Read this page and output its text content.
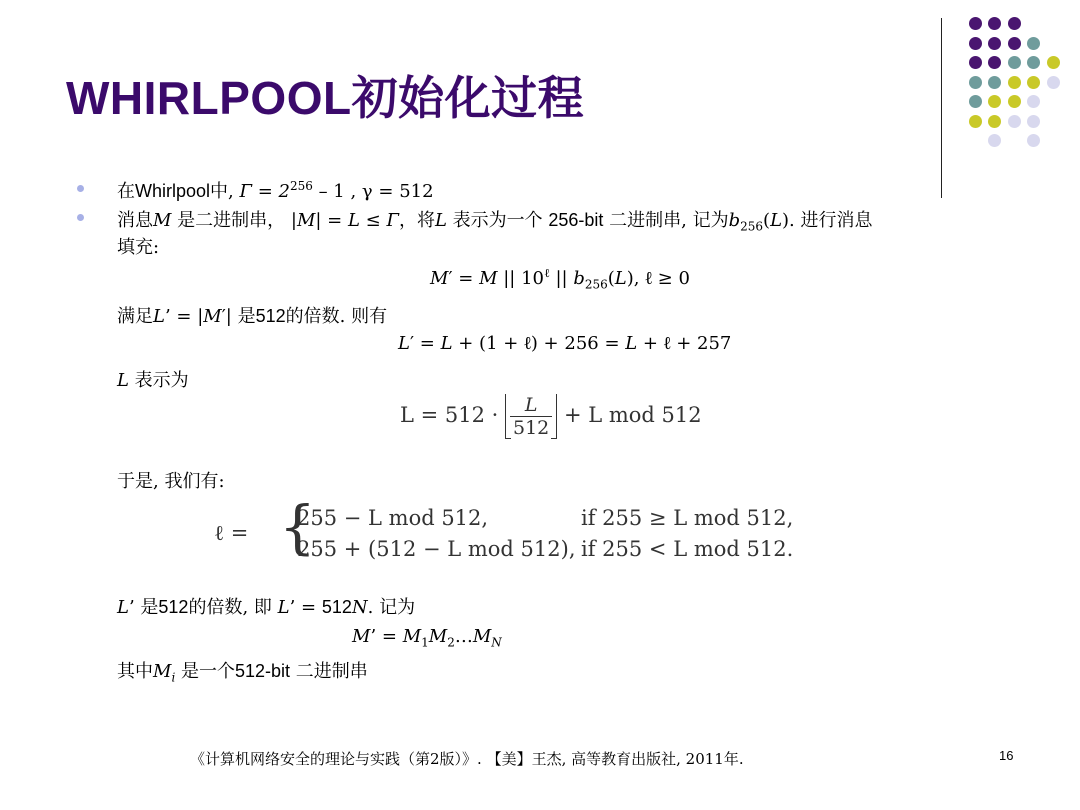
WHIRLPOOL初始化过程
在Whirlpool中, $\Gamma = 2^{256} - 1$ , γ = 512
消息M 是二进制串， |M| = L ≤ Γ，将L 表示为一个 256-bit 二进制串, 记为$b_{256}(L)$. 进行消息
填充:
M′ = M || $10^\ell$ || $b_{256}(L)$, ℓ ≥ 0
满足L’ = |M′| 是512的倍数. 则有
L′ = L + (1 + ℓ) + 256 = L + ℓ + 257
L 表示为
$L = 512 \cdot \frac{L}{512} + L$ mod 512
于是, 我们有:
ℓ = {
255 − L mod 512,	if 255 ≥ L mod 512,
255 + (512 − L mod 512), if 255 < L mod 512.
L’ 是512的倍数, 即 L’ = 512N. 记为
M’ = $M_1M_2\dots M_N$
其中$M_i$ 是一个512-bit 二进制串
《计算机网络安全的理论与实践（第2版）》. 【美】王杰, 高等教育出版社, 2011年.	16
